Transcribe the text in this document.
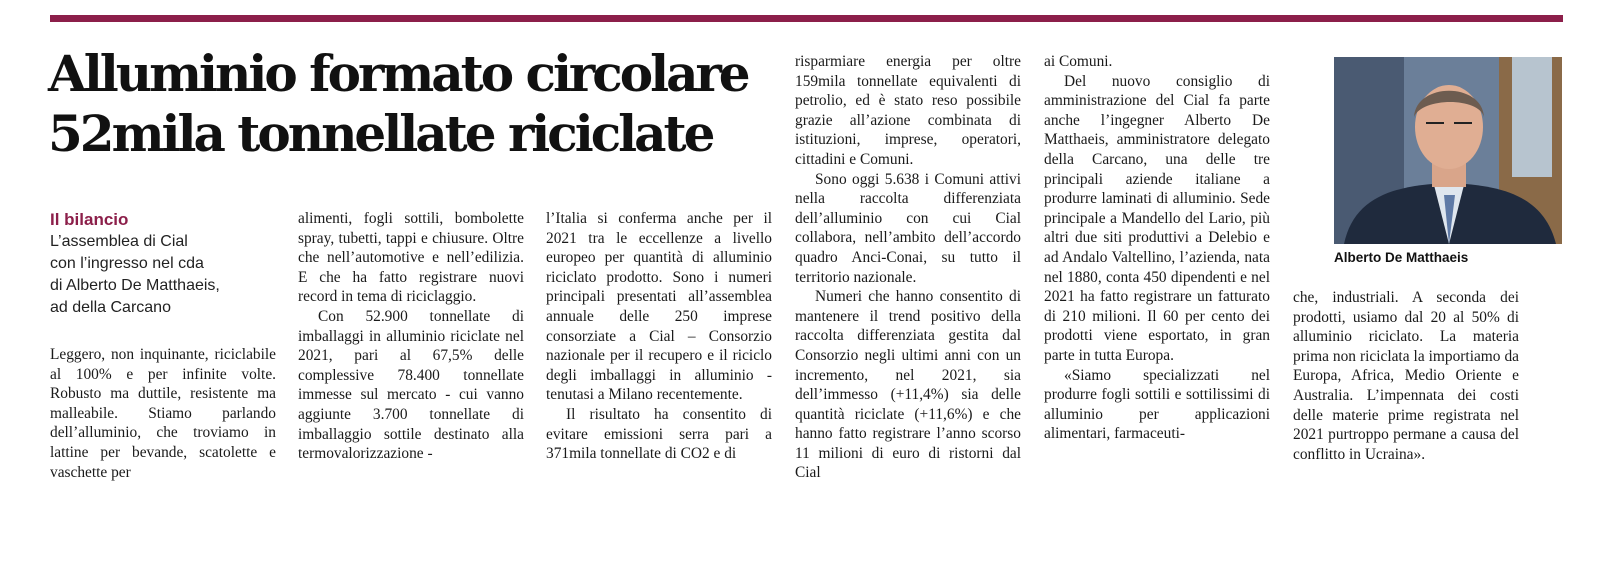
Alluminio formato circolare
52mila tonnellate riciclate
Il bilancio
L’assemblea di Cial
con l’ingresso nel cda
di Alberto De Matthaeis,
ad della Carcano

Leggero, non inquinante, riciclabile al 100% e per infinite volte. Robusto ma duttile, resistente ma malleabile. Stiamo parlando dell’alluminio, che troviamo in lattine per bevande, scatolette e vaschette per

alimenti, fogli sottili, bombolette spray, tubetti, tappi e chiusure. Oltre che nell’automotive e nell’edilizia. E che ha fatto registrare nuovi record in tema di riciclaggio.

Con 52.900 tonnellate di imballaggi in alluminio riciclate nel 2021, pari al 67,5% delle complessive 78.400 tonnellate immesse sul mercato - cui vanno aggiunte 3.700 tonnellate di imballaggio sottile destinato alla termovalorizzazione -

l’Italia si conferma anche per il 2021 tra le eccellenze a livello europeo per quantità di alluminio riciclato prodotto. Sono i numeri principali presentati all’assemblea annuale delle 250 imprese consorziate a Cial – Consorzio nazionale per il recupero e il riciclo degli imballaggi in alluminio - tenutasi a Milano recentemente.

Il risultato ha consentito di evitare emissioni serra pari a 371mila tonnellate di CO2 e di

risparmiare energia per oltre 159mila tonnellate equivalenti di petrolio, ed è stato reso possibile grazie all’azione combinata di istituzioni, imprese, operatori, cittadini e Comuni.

Sono oggi 5.638 i Comuni attivi nella raccolta differenziata dell’alluminio con cui Cial collabora, nell’ambito dell’accordo quadro Anci-Conai, su tutto il territorio nazionale.

Numeri che hanno consentito di mantenere il trend positivo della raccolta differenziata gestita dal Consorzio negli ultimi anni con un incremento, nel 2021, sia dell’immesso (+11,4%) sia delle quantità riciclate (+11,6%) e che hanno fatto registrare l’anno scorso 11 milioni di euro di ristorni dal Cial

ai Comuni.

Del nuovo consiglio di amministrazione del Cial fa parte anche l’ingegner Alberto De Matthaeis, amministratore delegato della Carcano, una delle tre principali aziende italiane a produrre laminati di alluminio. Sede principale a Mandello del Lario, più altri due siti produttivi a Delebio e ad Andalo Valtellino, l’azienda, nata nel 1880, conta 450 dipendenti e nel 2021 ha fatto registrare un fatturato di 210 milioni. Il 60 per cento dei prodotti viene esportato, in gran parte in tutta Europa.

«Siamo specializzati nel produrre fogli sottili e sottilissimi di alluminio per applicazioni alimentari, farmaceuti-

Alberto De Matthaeis

che, industriali. A seconda dei prodotti, usiamo dal 20 al 50% di alluminio riciclato. La materia prima non riciclata la importiamo da Europa, Africa, Medio Oriente e Australia. L’impennata dei costi delle materie prime registrata nel 2021 purtroppo permane a causa del conflitto in Ucraina».
